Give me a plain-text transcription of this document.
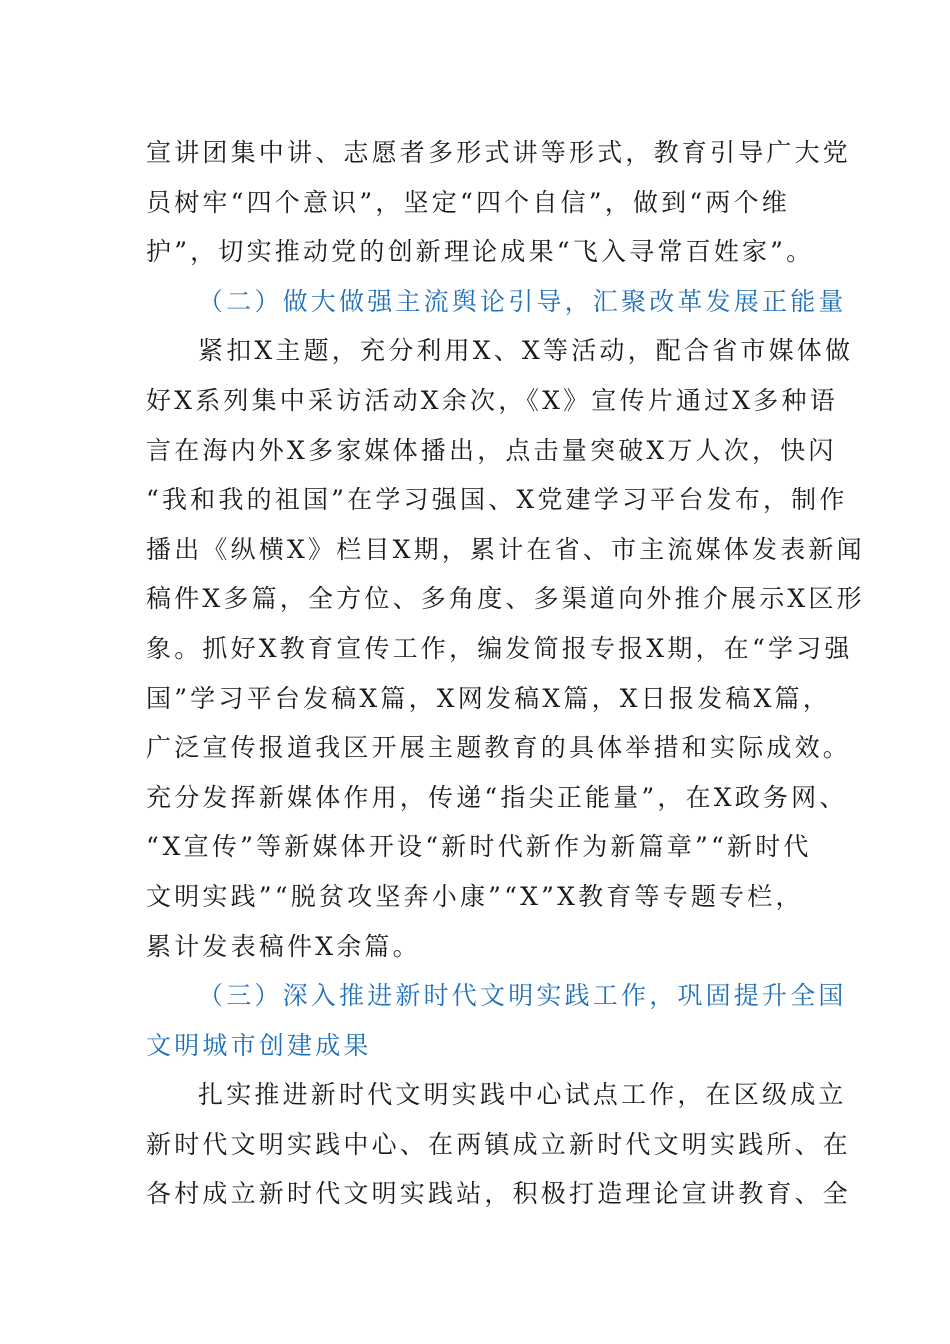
宣讲团集中讲、志愿者多形式讲等形式，教育引导广大党
员树牢“四个意识”，坚定“四个自信”，做到“两个维
护”，切实推动党的创新理论成果“飞入寻常百姓家”。
（二）做大做强主流舆论引导，汇聚改革发展正能量
紧扣X主题，充分利用X、X等活动，配合省市媒体做
好X系列集中采访活动X余次，《X》宣传片通过X多种语
言在海内外X多家媒体播出，点击量突破X万人次，快闪
“我和我的祖国”在学习强国、X党建学习平台发布，制作
播出《纵横X》栏目X期，累计在省、市主流媒体发表新闻
稿件X多篇，全方位、多角度、多渠道向外推介展示X区形
象。抓好X教育宣传工作，编发简报专报X期，在“学习强
国”学习平台发稿X篇，X网发稿X篇，X日报发稿X篇，
广泛宣传报道我区开展主题教育的具体举措和实际成效。
充分发挥新媒体作用，传递“指尖正能量”，在X政务网、
“X宣传”等新媒体开设“新时代新作为新篇章”“新时代
文明实践”“脱贫攻坚奔小康”“X”X教育等专题专栏，
累计发表稿件X余篇。
（三）深入推进新时代文明实践工作，巩固提升全国
文明城市创建成果
扎实推进新时代文明实践中心试点工作，在区级成立
新时代文明实践中心、在两镇成立新时代文明实践所、在
各村成立新时代文明实践站，积极打造理论宣讲教育、全
